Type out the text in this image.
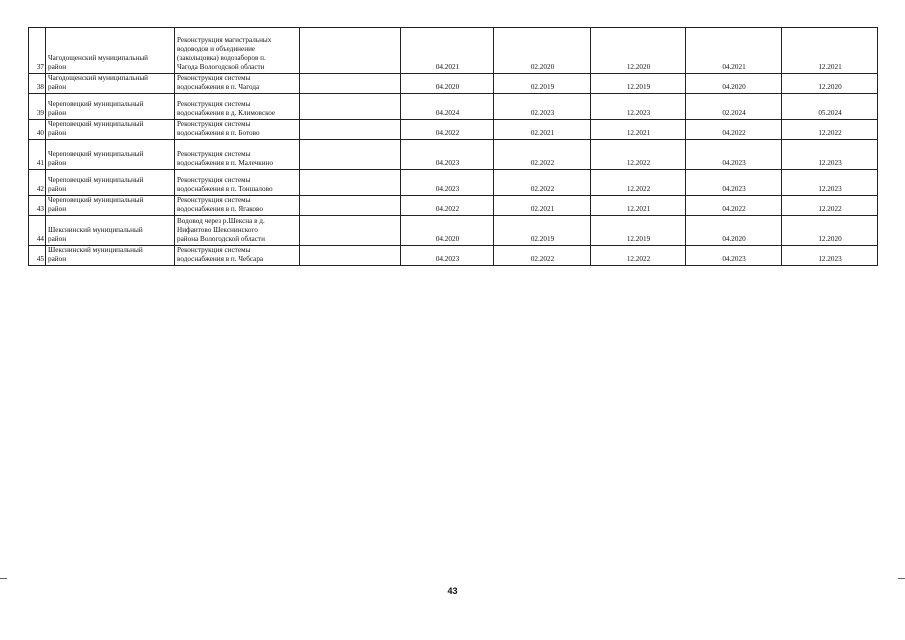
37	Чагодощенский муниципальный
район	Реконструкция магистральных
водоводов и объединение
(закольцовка) водозаборов п.
Чагода Вологодской области		04.2021	02.2020	12.2020	04.2021	12.2021
38	Чагодощенский муниципальный
район	Реконструкция системы
водоснабжения в п. Чагода		04.2020	02.2019	12.2019	04.2020	12.2020
39	Череповецкий муниципальный
район	Реконструкция системы
водоснабжения в д. Климовское		04.2024	02.2023	12.2023	02.2024	05.2024
40	Череповецкий муниципальный
район	Реконструкция системы
водоснабжения в п. Ботово		04.2022	02.2021	12.2021	04.2022	12.2022
41	Череповецкий муниципальный
район	Реконструкция системы
водоснабжения в п. Малечкино		04.2023	02.2022	12.2022	04.2023	12.2023
42	Череповецкий муниципальный
район	Реконструкция системы
водоснабжения в п. Тоншалово		04.2023	02.2022	12.2022	04.2023	12.2023
43	Череповецкий муниципальный
район	Реконструкция системы
водоснабжения в п. Ягаково		04.2022	02.2021	12.2021	04.2022	12.2022
44	Шекснинский муниципальный
район	Водовод через р.Шексна в д.
Нифантово Шекснинского
района Вологодской области		04.2020	02.2019	12.2019	04.2020	12.2020
45	Шекснинский муниципальный
район	Реконструкция системы
водоснабжения в п. Чебсара		04.2023	02.2022	12.2022	04.2023	12.2023
43
